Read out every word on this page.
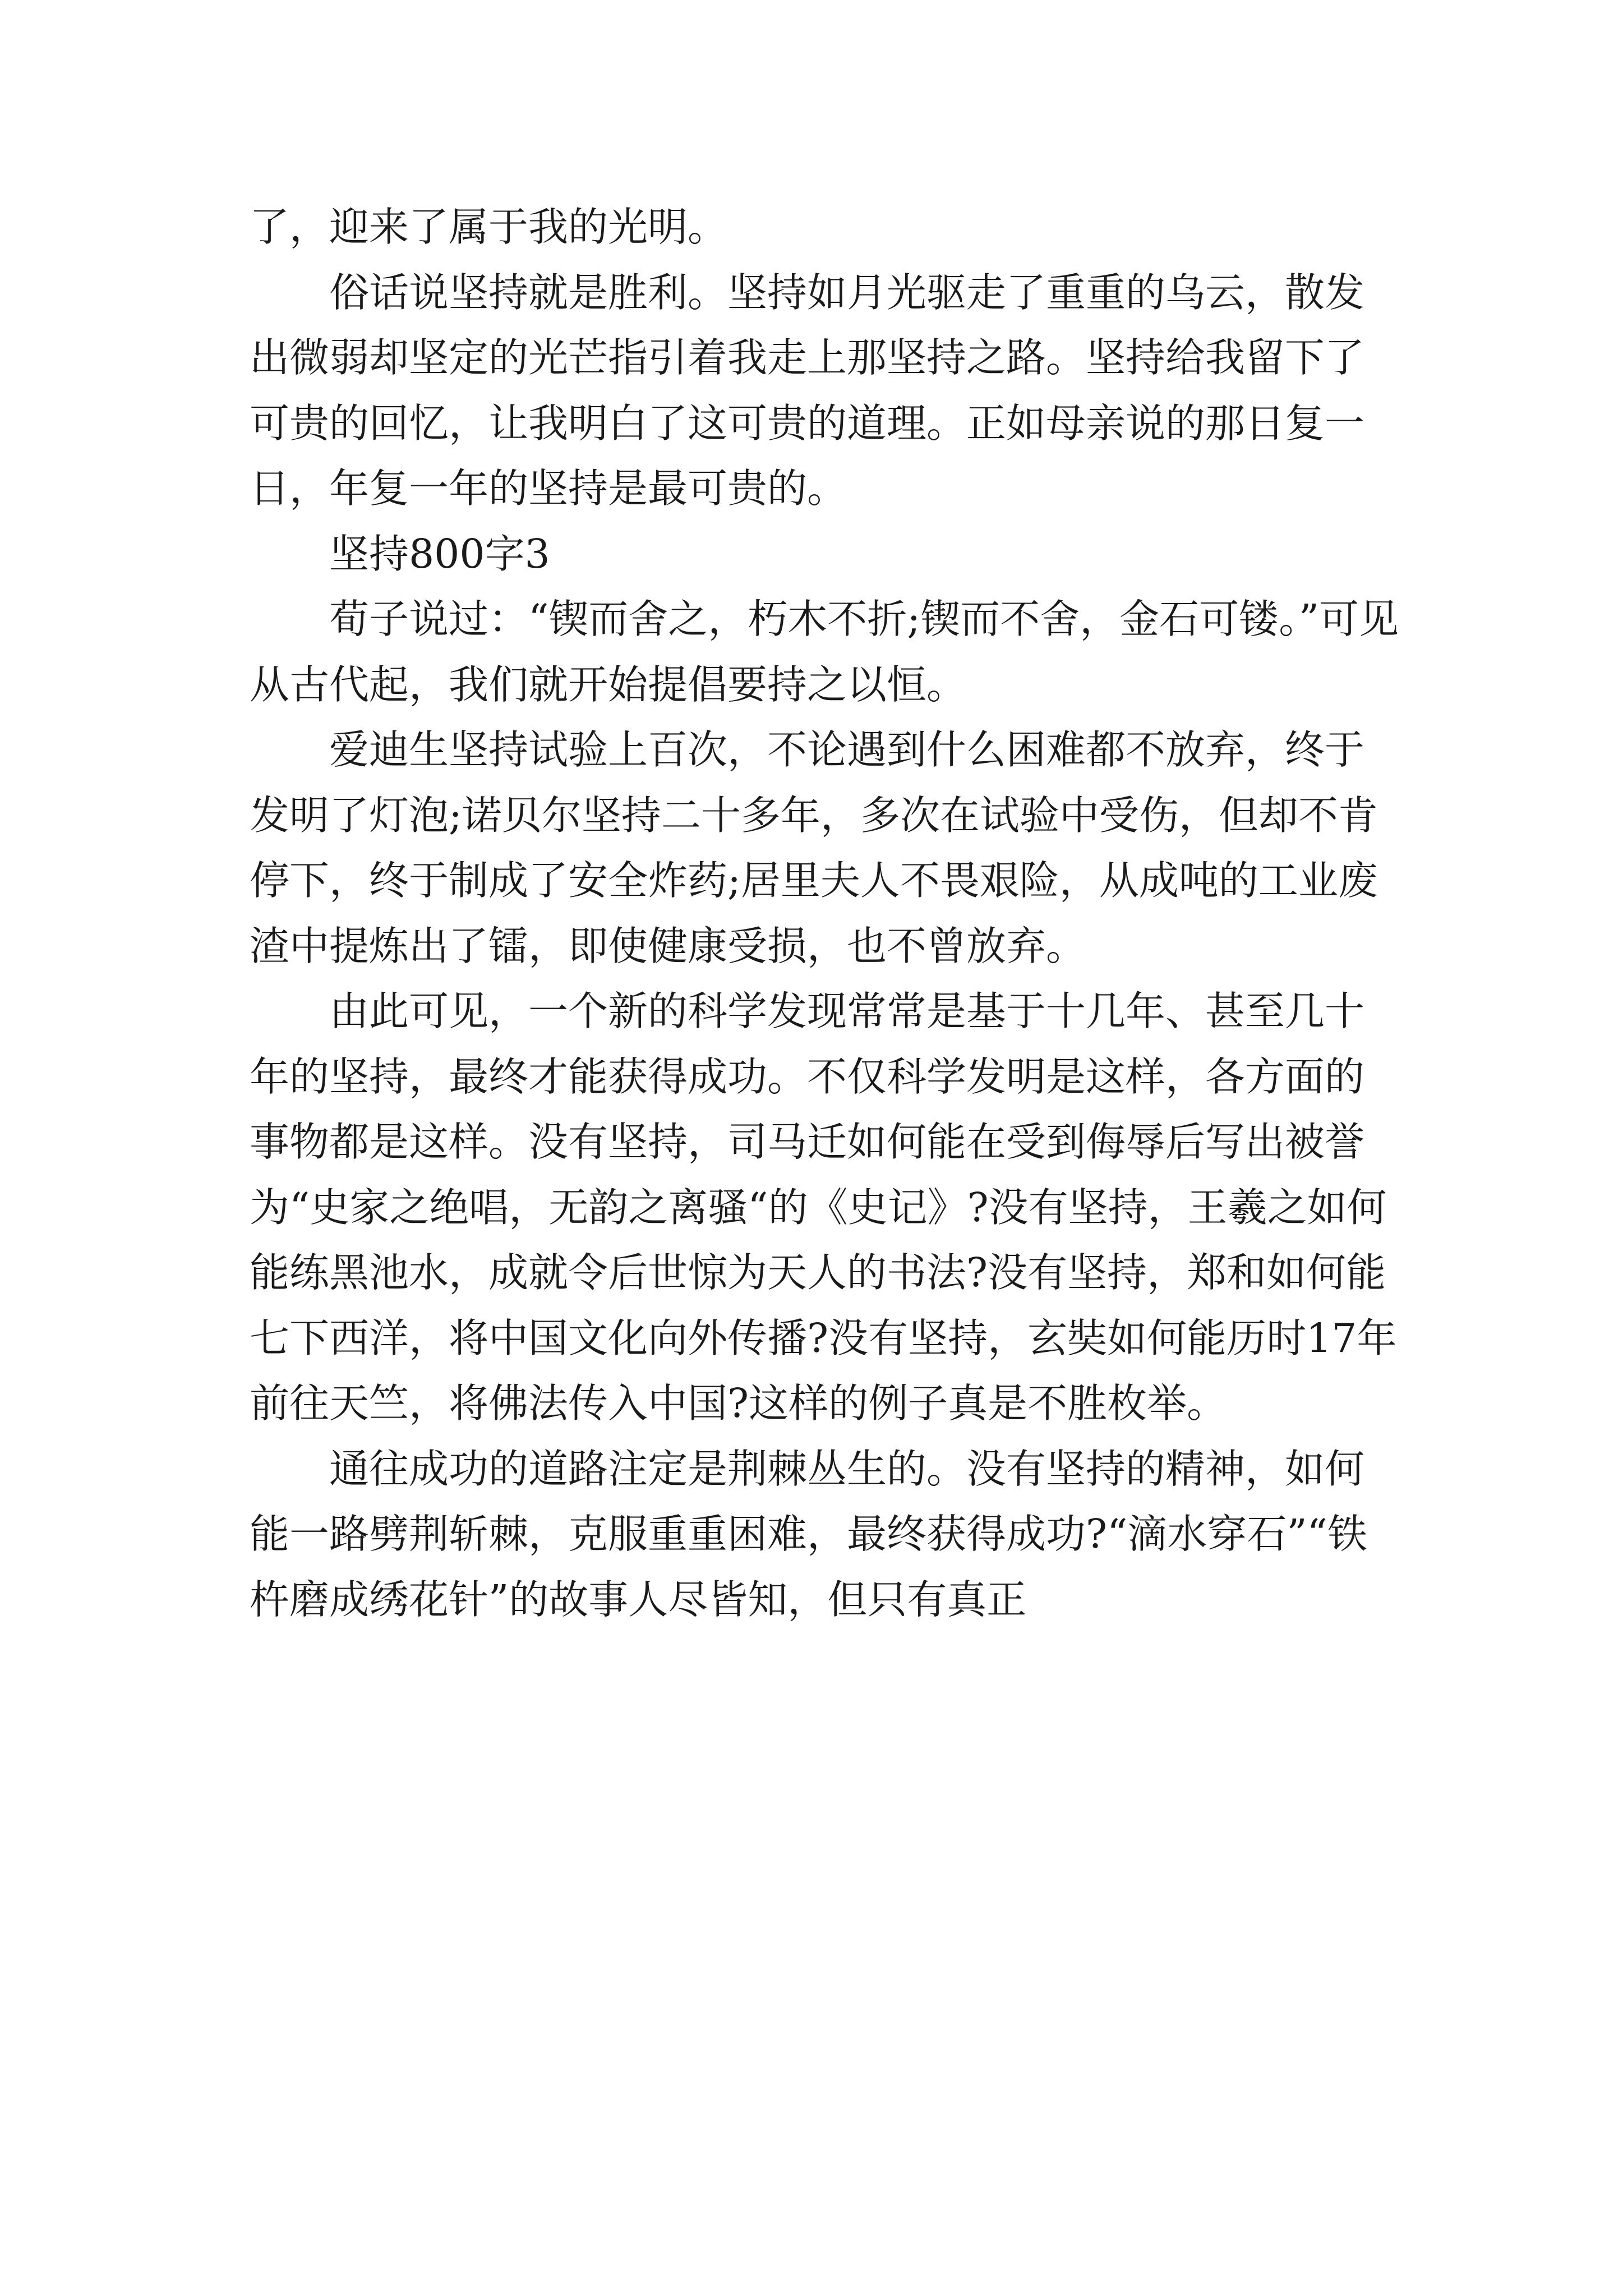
了，迎来了属于我的光明。

俗话说坚持就是胜利。坚持如月光驱走了重重的乌云，散发出微弱却坚定的光芒指引着我走上那坚持之路。坚持给我留下了可贵的回忆，让我明白了这可贵的道理。正如母亲说的那日复一日，年复一年的坚持是最可贵的。

坚持800字3

荀子说过：“锲而舍之，朽木不折;锲而不舍，金石可镂。”可见从古代起，我们就开始提倡要持之以恒。

爱迪生坚持试验上百次，不论遇到什么困难都不放弃，终于发明了灯泡;诺贝尔坚持二十多年，多次在试验中受伤，但却不肯停下，终于制成了安全炸药;居里夫人不畏艰险，从成吨的工业废渣中提炼出了镭，即使健康受损，也不曾放弃。

由此可见，一个新的科学发现常常是基于十几年、甚至几十年的坚持，最终才能获得成功。不仅科学发明是这样，各方面的事物都是这样。没有坚持，司马迁如何能在受到侮辱后写出被誉为“史家之绝唱，无韵之离骚“的《史记》?没有坚持，王羲之如何能练黑池水，成就令后世惊为天人的书法?没有坚持，郑和如何能七下西洋，将中国文化向外传播?没有坚持，玄奘如何能历时17年前往天竺，将佛法传入中国?这样的例子真是不胜枚举。

通往成功的道路注定是荆棘丛生的。没有坚持的精神，如何能一路劈荆斩棘，克服重重困难，最终获得成功?“滴水穿石”“铁杵磨成绣花针”的故事人尽皆知，但只有真正
